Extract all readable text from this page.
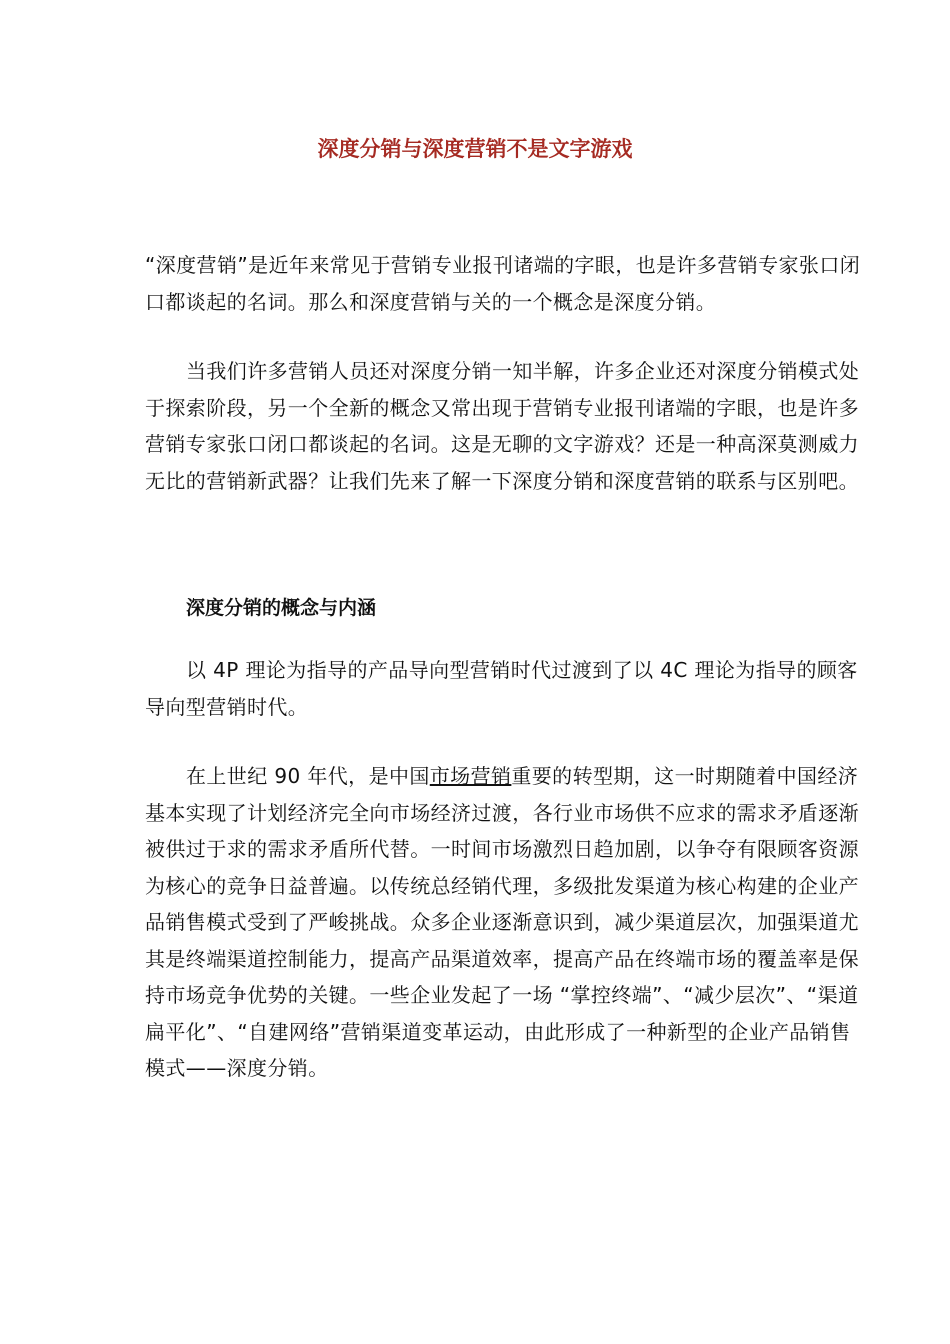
深度分销与深度营销不是文字游戏

“深度营销”是近年来常见于营销专业报刊诸端的字眼，也是许多营销专家张口闭口都谈起的名词。那么和深度营销与关的一个概念是深度分销。

当我们许多营销人员还对深度分销一知半解，许多企业还对深度分销模式处于探索阶段，另一个全新的概念又常出现于营销专业报刊诸端的字眼，也是许多营销专家张口闭口都谈起的名词。这是无聊的文字游戏？还是一种高深莫测威力无比的营销新武器？让我们先来了解一下深度分销和深度营销的联系与区别吧。

深度分销的概念与内涵

以 4P 理论为指导的产品导向型营销时代过渡到了以 4C 理论为指导的顾客导向型营销时代。

在上世纪 90 年代，是中国市场营销重要的转型期，这一时期随着中国经济基本实现了计划经济完全向市场经济过渡，各行业市场供不应求的需求矛盾逐渐被供过于求的需求矛盾所代替。一时间市场激烈日趋加剧，以争夺有限顾客资源为核心的竞争日益普遍。以传统总经销代理，多级批发渠道为核心构建的企业产品销售模式受到了严峻挑战。众多企业逐渐意识到，减少渠道层次，加强渠道尤其是终端渠道控制能力，提高产品渠道效率，提高产品在终端市场的覆盖率是保持市场竞争优势的关键。一些企业发起了一场 “掌控终端”、“减少层次”、“渠道扁平化”、“自建网络”营销渠道变革运动，由此形成了一种新型的企业产品销售模式——深度分销。
